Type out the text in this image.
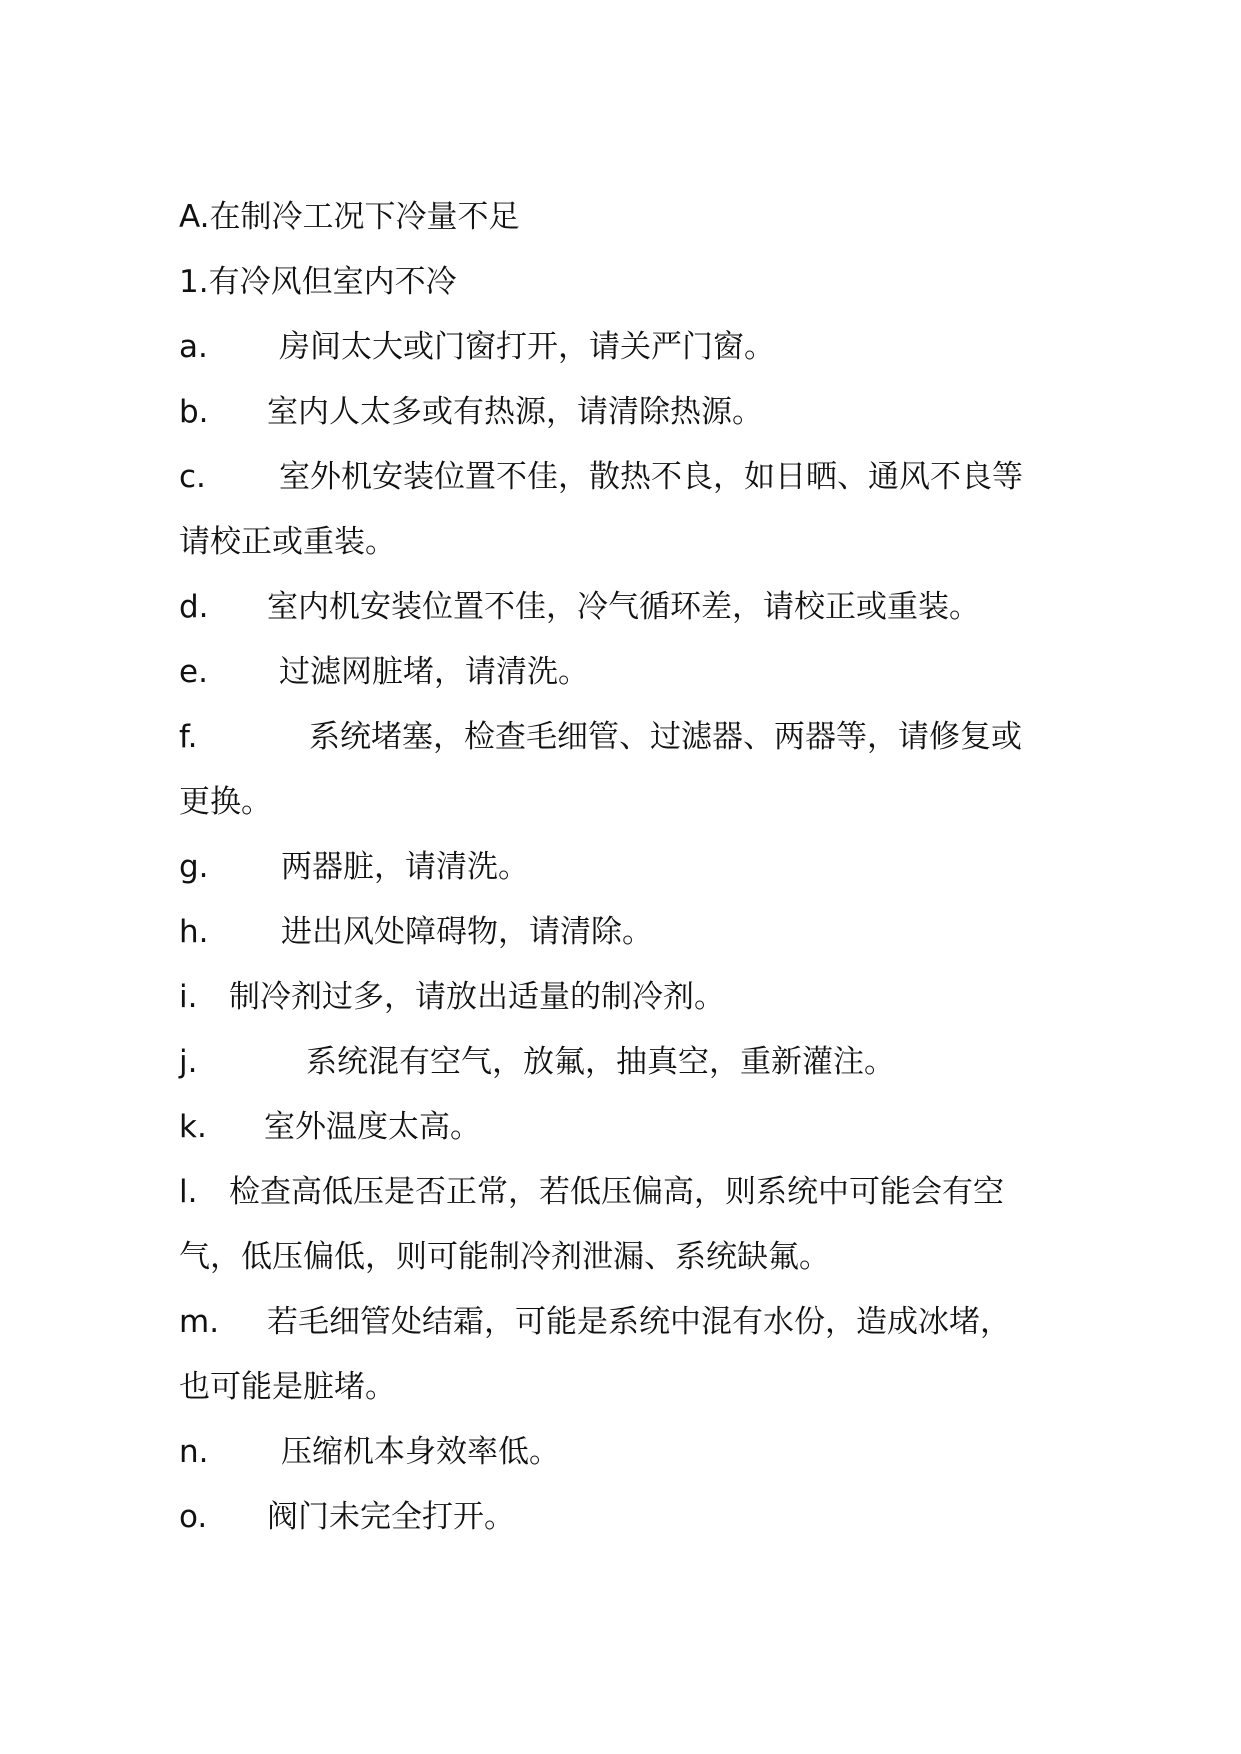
A.在制冷工况下冷量不足
1.有冷风但室内不冷
a. 房间太大或门窗打开，请关严门窗。
b. 室内人太多或有热源，请清除热源。
c. 室外机安装位置不佳，散热不良，如日晒、通风不良等
请校正或重装。
d. 室内机安装位置不佳，冷气循环差，请校正或重装。
e. 过滤网脏堵，请清洗。
f.	系统堵塞，检查毛细管、过滤器、两器等，请修复或
更换。
g. 两器脏，请清洗。
h. 进出风处障碍物，请清除。
i. 制冷剂过多，请放出适量的制冷剂。
j.	系统混有空气，放氟，抽真空，重新灌注。
k. 室外温度太高。
l. 检查高低压是否正常，若低压偏高，则系统中可能会有空
气，低压偏低，则可能制冷剂泄漏、系统缺氟。
m. 若毛细管处结霜，可能是系统中混有水份，造成冰堵，
也可能是脏堵。
n. 压缩机本身效率低。
o. 阀门未完全打开。
